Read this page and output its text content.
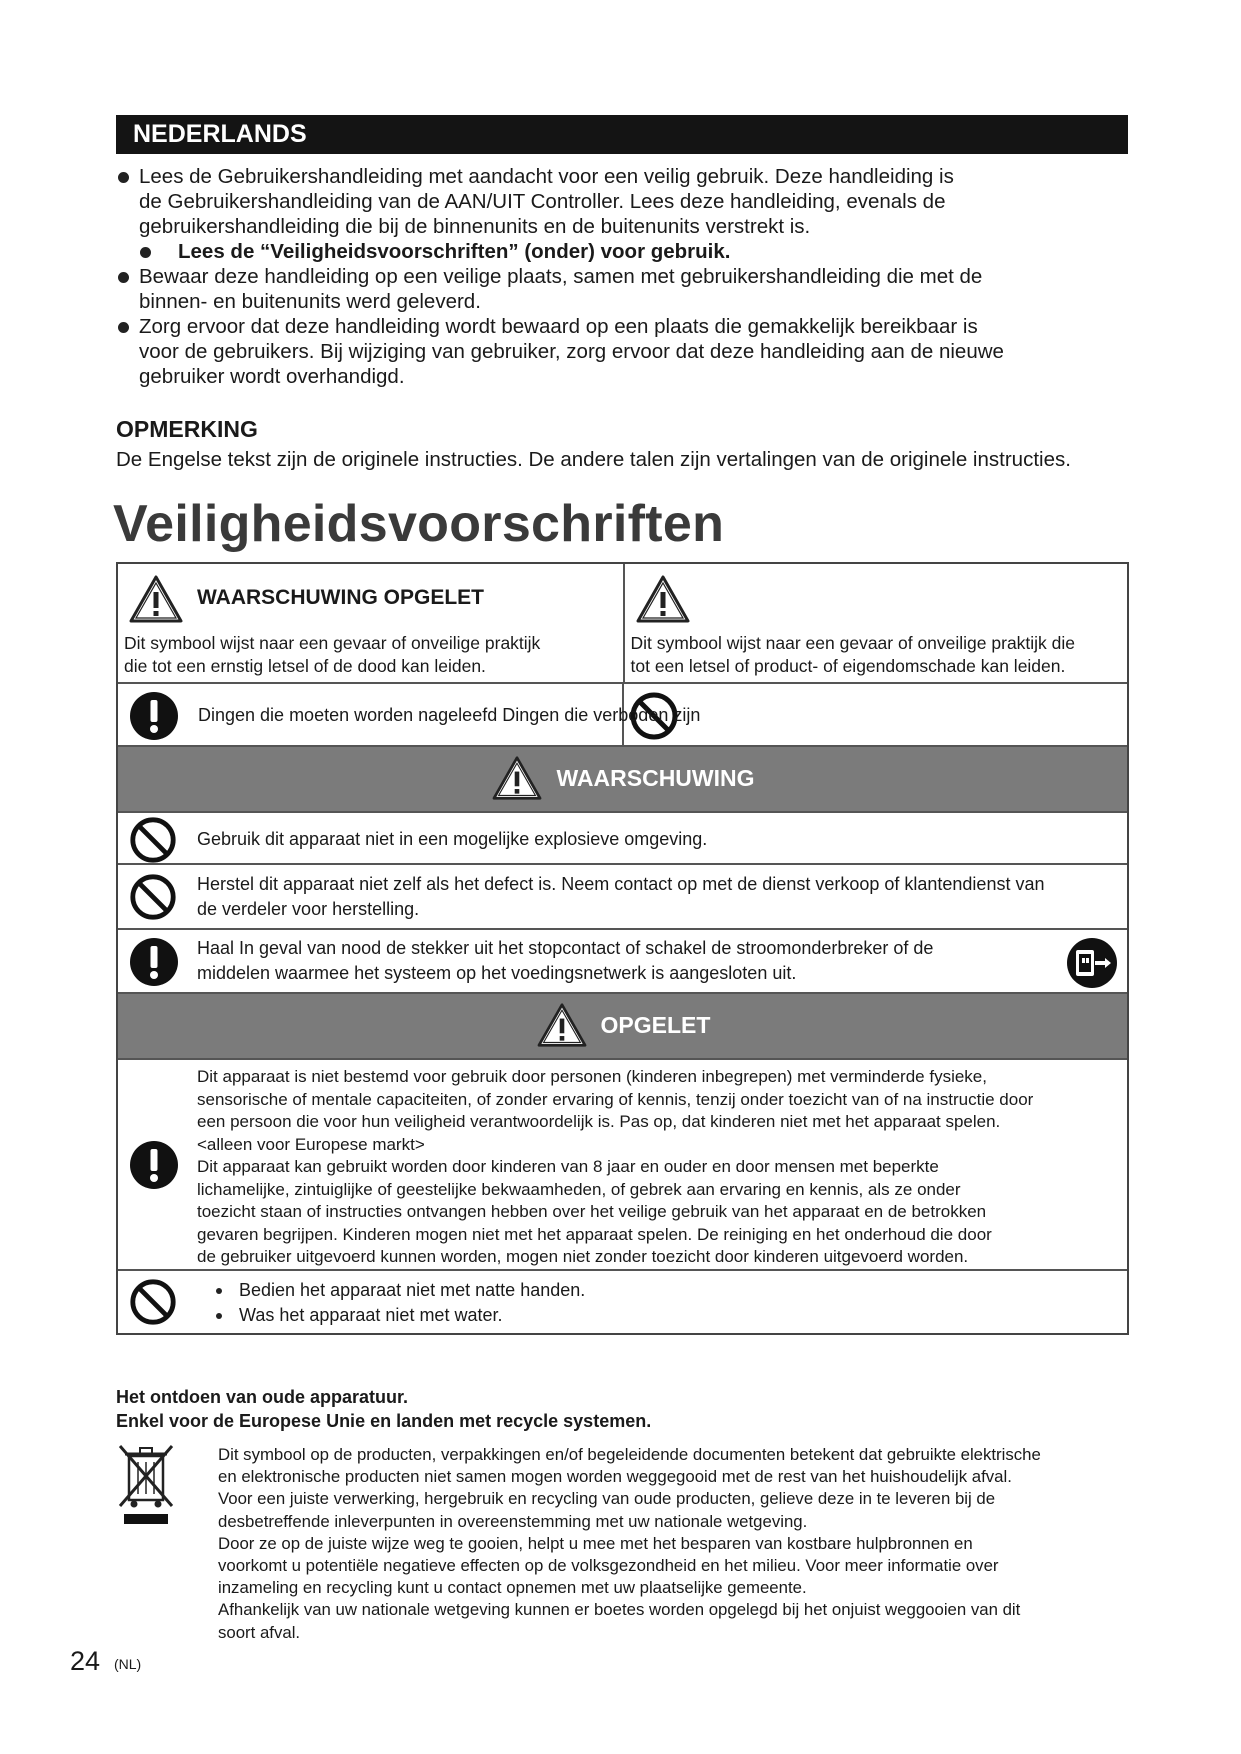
NEDERLANDS
Lees de Gebruikershandleiding met aandacht voor een veilig gebruik. Deze handleiding is
de Gebruikershandleiding van de AAN/UIT Controller. Lees deze handleiding, evenals de
gebruikershandleiding die bij de binnenunits en de buitenunits verstrekt is.
Lees de “Veiligheidsvoorschriften” (onder) voor gebruik.
Bewaar deze handleiding op een veilige plaats, samen met gebruikershandleiding die met de
binnen- en buitenunits werd geleverd.
Zorg ervoor dat deze handleiding wordt bewaard op een plaats die gemakkelijk bereikbaar is
voor de gebruikers. Bij wijziging van gebruiker, zorg ervoor dat deze handleiding aan de nieuwe
gebruiker wordt overhandigd.
OPMERKING
De Engelse tekst zijn de originele instructies. De andere talen zijn vertalingen van de originele instructies.
Veiligheidsvoorschriften
WAARSCHUWING OPGELET
Dit symbool wijst naar een gevaar of onveilige praktijk
die tot een ernstig letsel of de dood kan leiden.
Dit symbool wijst naar een gevaar of onveilige praktijk die
tot een letsel of product- of eigendomschade kan leiden.
Dingen die moeten worden nageleefd Dingen die verboden zijn
WAARSCHUWING
Gebruik dit apparaat niet in een mogelijke explosieve omgeving.
Herstel dit apparaat niet zelf als het defect is. Neem contact op met de dienst verkoop of klantendienst van
de verdeler voor herstelling.
Haal In geval van nood de stekker uit het stopcontact of schakel de stroomonderbreker of de
middelen waarmee het systeem op het voedingsnetwerk is aangesloten uit.
OPGELET
Dit apparaat is niet bestemd voor gebruik door personen (kinderen inbegrepen) met verminderde fysieke,
sensorische of mentale capaciteiten, of zonder ervaring of kennis, tenzij onder toezicht van of na instructie door
een persoon die voor hun veiligheid verantwoordelijk is. Pas op, dat kinderen niet met het apparaat spelen.
<alleen voor Europese markt>
Dit apparaat kan gebruikt worden door kinderen van 8 jaar en ouder en door mensen met beperkte
lichamelijke, zintuiglijke of geestelijke bekwaamheden, of gebrek aan ervaring en kennis, als ze onder
toezicht staan of instructies ontvangen hebben over het veilige gebruik van het apparaat en de betrokken
gevaren begrijpen. Kinderen mogen niet met het apparaat spelen. De reiniging en het onderhoud die door
de gebruiker uitgevoerd kunnen worden, mogen niet zonder toezicht door kinderen uitgevoerd worden.
Bedien het apparaat niet met natte handen.
Was het apparaat niet met water.
Het ontdoen van oude apparatuur.
Enkel voor de Europese Unie en landen met recycle systemen.
Dit symbool op de producten, verpakkingen en/of begeleidende documenten betekent dat gebruikte elektrische
en elektronische producten niet samen mogen worden weggegooid met de rest van het huishoudelijk afval.
Voor een juiste verwerking, hergebruik en recycling van oude producten, gelieve deze in te leveren bij de
desbetreffende inleverpunten in overeenstemming met uw nationale wetgeving.
Door ze op de juiste wijze weg te gooien, helpt u mee met het besparen van kostbare hulpbronnen en
voorkomt u potentiële negatieve effecten op de volksgezondheid en het milieu. Voor meer informatie over
inzameling en recycling kunt u contact opnemen met uw plaatselijke gemeente.
Afhankelijk van uw nationale wetgeving kunnen er boetes worden opgelegd bij het onjuist weggooien van dit
soort afval.
24 (NL)
